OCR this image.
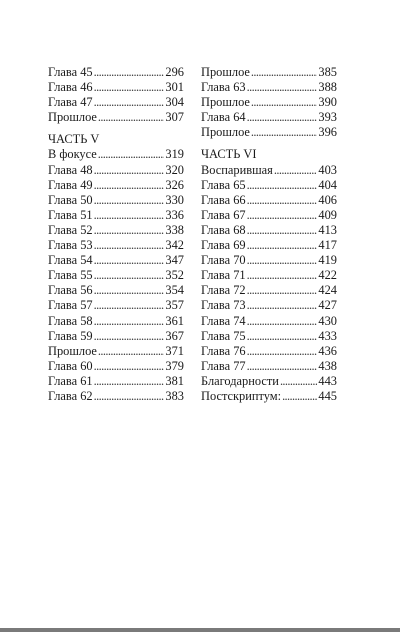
Глава 45 .....	296
Глава 46 .....	301
Глава 47 .....	304
Прошлое .....	307
ЧАСТЬ V
В фокусе .....	319
Глава 48 .....	320
Глава 49 .....	326
Глава 50 .....	330
Глава 51 .....	336
Глава 52 .....	338
Глава 53 .....	342
Глава 54 .....	347
Глава 55 .....	352
Глава 56 .....	354
Глава 57 .....	357
Глава 58 .....	361
Глава 59 .....	367
Прошлое .....	371
Глава 60 .....	379
Глава 61 .....	381
Глава 62 .....	383
Прошлое .....	385
Глава 63 .....	388
Прошлое .....	390
Глава 64 .....	393
Прошлое .....	396
ЧАСТЬ VI
Воспарившая .....	403
Глава 65 .....	404
Глава 66 .....	406
Глава 67 .....	409
Глава 68 .....	413
Глава 69 .....	417
Глава 70 .....	419
Глава 71 .....	422
Глава 72 .....	424
Глава 73 .....	427
Глава 74 .....	430
Глава 75 .....	433
Глава 76 .....	436
Глава 77 .....	438
Благодарности .....	443
Постскриптум: .....	445
